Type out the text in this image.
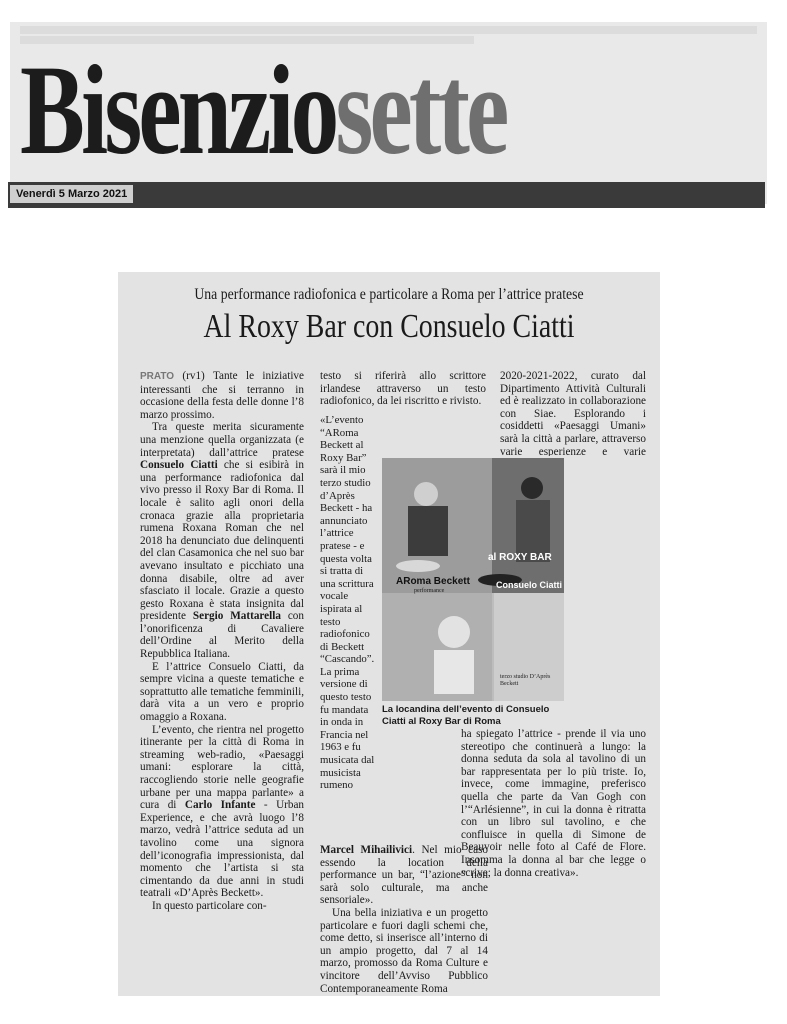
Bisenziosette
Venerdì 5 Marzo 2021
Una performance radiofonica e particolare a Roma per l’attrice pratese
Al Roxy Bar con Consuelo Ciatti

PRATO (rv1) Tante le iniziative interessanti che si terranno in occasione della festa delle donne l’8 marzo prossimo.

Tra queste merita sicuramente una menzione quella organizzata (e interpretata) dall’attrice pratese Consuelo Ciatti che si esibirà in una performance radiofonica dal vivo presso il Roxy Bar di Roma. Il locale è salito agli onori della cronaca grazie alla proprietaria rumena Roxana Roman che nel 2018 ha denunciato due delinquenti del clan Casamonica che nel suo bar avevano insultato e picchiato una donna disabile, oltre ad aver sfasciato il locale. Grazie a questo gesto Roxana è stata insignita dal presidente Sergio Mattarella con l’onorificenza di Cavaliere dell’Ordine al Merito della Repubblica Italiana.

E l’attrice Consuelo Ciatti, da sempre vicina a queste tematiche e soprattutto alle tematiche femminili, darà vita a un vero e proprio omaggio a Roxana.

L’evento, che rientra nel progetto itinerante per la città di Roma in streaming web-radio, «Paesaggi umani: esplorare la città, raccogliendo storie nelle geografie urbane per una mappa parlante» a cura di Carlo Infante - Urban Experience, e che avrà luogo l’8 marzo, vedrà l’attrice seduta ad un tavolino come una signora dell’iconografia impressionista, dal momento che l’artista si sta cimentando da due anni in studi teatrali «D’Après Beckett».

In questo particolare con-

testo si riferirà allo scrittore irlandese attraverso un testo radiofonico, da lei riscritto e rivisto.

ARoma Beckett
performance
al ROXY BAR
Consuelo Ciatti
terzo studio D’Après Beckett
La locandina dell’evento di Consuelo Ciatti al Roxy Bar di Roma

«L’evento “ARoma Beckett al Roxy Bar” sarà il mio terzo studio d’Après Beckett - ha annunciato l’attrice pratese - e questa volta si tratta di una scrittura vocale ispirata al testo radiofonico di Beckett “Cascando”. La prima versione di questo testo fu mandata in onda in Francia nel 1963 e fu musicata dal musicista rumeno

Marcel Mihailivici. Nel mio caso essendo la location della performance un bar, “l’azione” non sarà solo culturale, ma anche sensoriale».

Una bella iniziativa e un progetto particolare e fuori dagli schemi che, come detto, si inserisce all’interno di un ampio progetto, dal 7 al 14 marzo, promosso da Roma Culture e vincitore dell’Avviso Pubblico Contemporaneamente Roma

2020-2021-2022, curato dal Dipartimento Attività Culturali ed è realizzato in collaborazione con Siae. Esplorando i cosiddetti «Paesaggi Umani» sarà la città a parlare, attraverso varie esperienze e varie

ha spiegato l’attrice - prende il via uno stereotipo che continuerà a lungo: la donna seduta da sola al tavolino di un bar rappresentata per lo più triste. Io, invece, come immagine, preferisco quella che parte da Van Gogh con l’“Arlésienne”, in cui la donna è ritratta con un libro sul tavolino, e che confluisce in quella di Simone de Beauvoir nelle foto al Café de Flore. Insomma la donna al bar che legge o scrive; la donna creativa».
